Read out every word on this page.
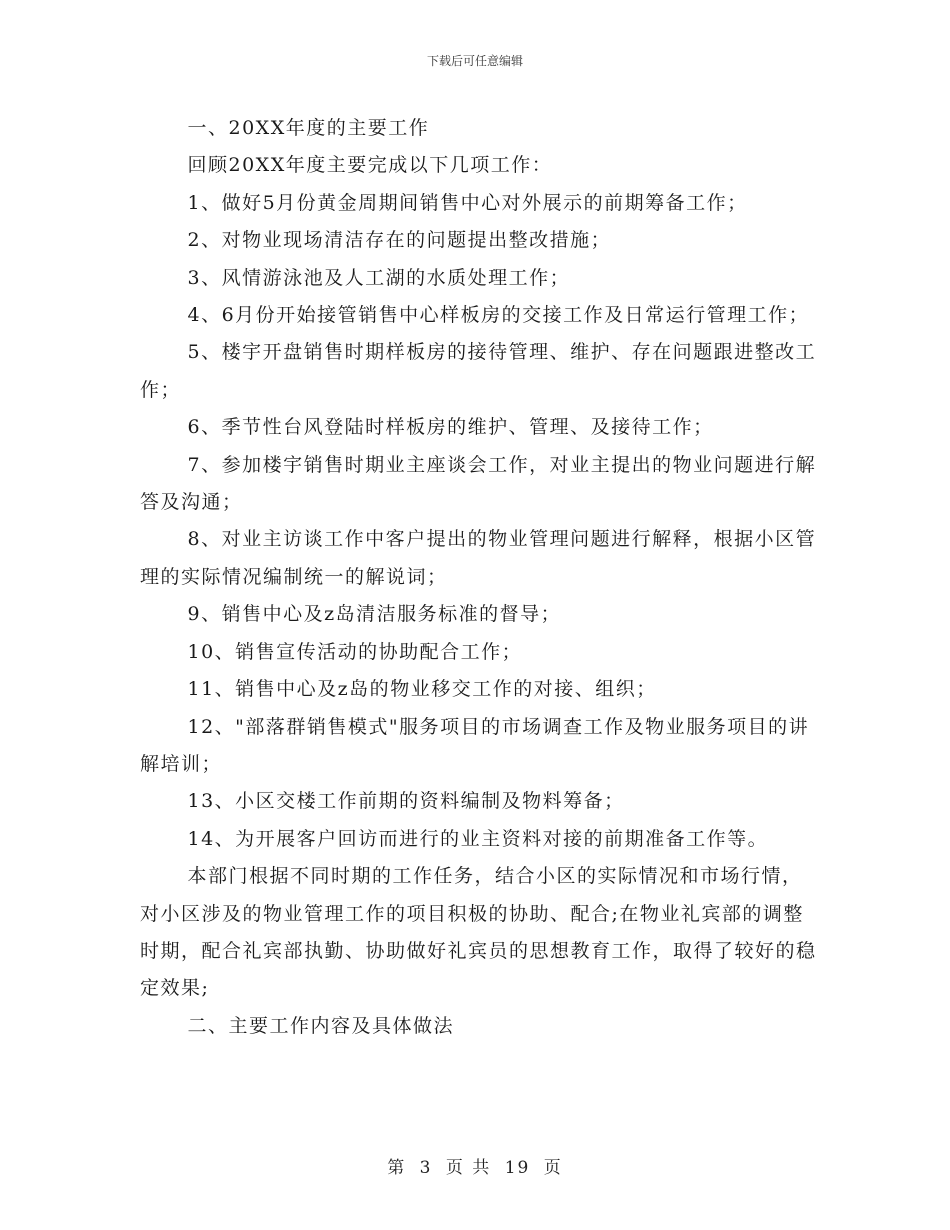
下载后可任意编辑

一、20XX年度的主要工作

回顾20XX年度主要完成以下几项工作：

1、做好5月份黄金周期间销售中心对外展示的前期筹备工作；

2、对物业现场清洁存在的问题提出整改措施；

3、风情游泳池及人工湖的水质处理工作；

4、6月份开始接管销售中心样板房的交接工作及日常运行管理工作；

5、楼宇开盘销售时期样板房的接待管理、维护、存在问题跟进整改工作；

6、季节性台风登陆时样板房的维护、管理、及接待工作；

7、参加楼宇销售时期业主座谈会工作，对业主提出的物业问题进行解答及沟通；

8、对业主访谈工作中客户提出的物业管理问题进行解释，根据小区管理的实际情况编制统一的解说词；

9、销售中心及z岛清洁服务标准的督导；

10、销售宣传活动的协助配合工作；

11、销售中心及z岛的物业移交工作的对接、组织；

12、"部落群销售模式"服务项目的市场调查工作及物业服务项目的讲解培训；

13、小区交楼工作前期的资料编制及物料筹备；

14、为开展客户回访而进行的业主资料对接的前期准备工作等。

本部门根据不同时期的工作任务，结合小区的实际情况和市场行情，对小区涉及的物业管理工作的项目积极的协助、配合;在物业礼宾部的调整时期，配合礼宾部执勤、协助做好礼宾员的思想教育工作，取得了较好的稳定效果;

二、主要工作内容及具体做法

第 3 页 共 19 页
